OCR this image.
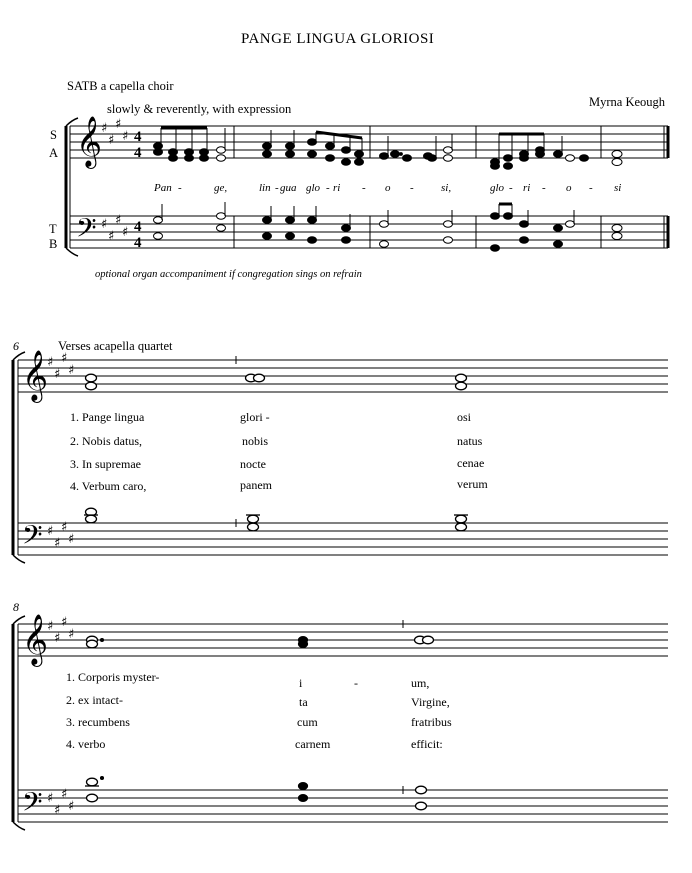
PANGE LINGUA GLORIOSI
SATB a capella choir
slowly & reverently, with expression	Myrna Keough
S
A
T
B
Pan -	ge,	lin - gua glo - ri - o - si,	glo - ri - o - si
optional organ accompaniment if congregation sings on refrain
6	Verses acapella quartet
1. Pange lingua	glori -	osi
2. Nobis datus,	nobis	natus
3. In supremae	nocte	cenae
4. Verbum caro,	panem	verum
8
1. Corporis myster-	i	-	um,
2. ex intact-	ta	Virgine,
3. recumbens	cum	fratribus
4. verbo	carnem	efficit:
𝄞
𝄢
𝄞
𝄢
𝄞
𝄢
♯
♯
♯
♯
♯
♯
♯
♯
♯
♯
♯
♯
♯
♯
♯
♯
♯
♯
♯
♯
♯
♯
♯
♯
4
4
4
4
